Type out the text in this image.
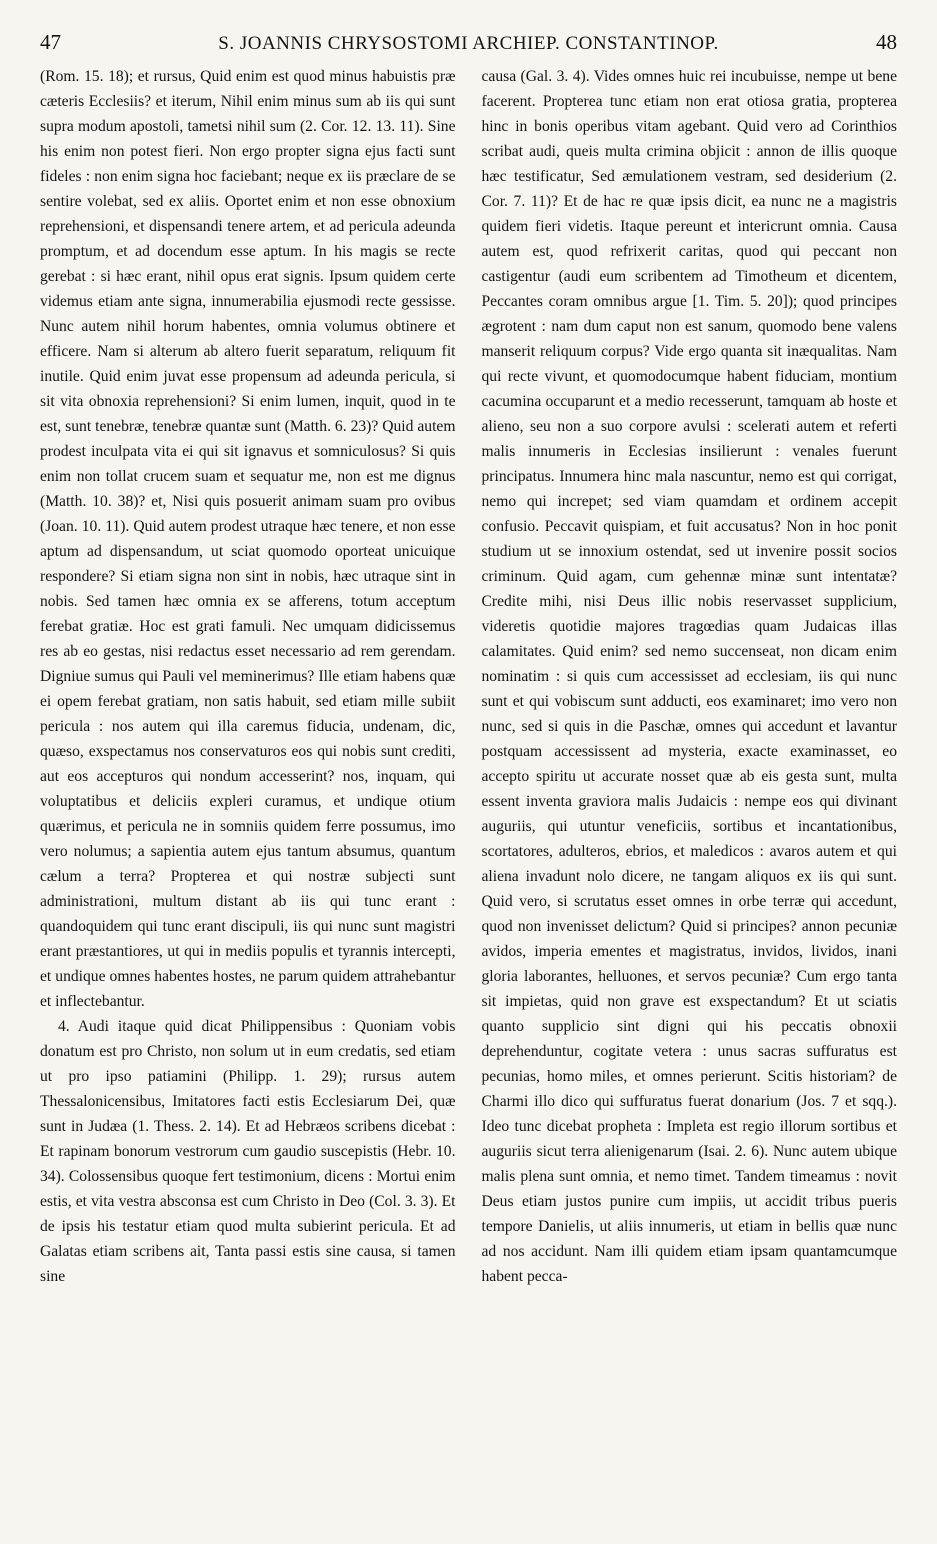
47	S. JOANNIS CHRYSOSTOMI ARCHIEP. CONSTANTINOP.	48

(Rom. 15. 18); et rursus, Quid enim est quod minus habuistis præ cæteris Ecclesiis? et iterum, Nihil enim minus sum ab iis qui sunt supra modum apostoli, tametsi nihil sum (2. Cor. 12. 13. 11). Sine his enim non potest fieri. Non ergo propter signa ejus facti sunt fideles : non enim signa hoc faciebant; neque ex iis præclare de se sentire volebat, sed ex aliis. Oportet enim et non esse obnoxium reprehensioni, et dispensandi tenere artem, et ad pericula adeunda promptum, et ad docendum esse aptum. In his magis se recte gerebat : si hæc erant, nihil opus erat signis. Ipsum quidem certe videmus etiam ante signa, innumerabilia ejusmodi recte gessisse. Nunc autem nihil horum habentes, omnia volumus obtinere et efficere. Nam si alterum ab altero fuerit separatum, reliquum fit inutile. Quid enim juvat esse propensum ad adeunda pericula, si sit vita obnoxia reprehensioni? Si enim lumen, inquit, quod in te est, sunt tenebræ, tenebræ quantæ sunt (Matth. 6. 23)? Quid autem prodest inculpata vita ei qui sit ignavus et somniculosus? Si quis enim non tollat crucem suam et sequatur me, non est me dignus (Matth. 10. 38)? et, Nisi quis posuerit animam suam pro ovibus (Joan. 10. 11). Quid autem prodest utraque hæc tenere, et non esse aptum ad dispensandum, ut sciat quomodo oporteat unicuique respondere? Si etiam signa non sint in nobis, hæc utraque sint in nobis. Sed tamen hæc omnia ex se afferens, totum acceptum ferebat gratiæ. Hoc est grati famuli. Nec umquam didicissemus res ab eo gestas, nisi redactus esset necessario ad rem gerendam. Digniue sumus qui Pauli vel meminerimus? Ille etiam habens quæ ei opem ferebat gratiam, non satis habuit, sed etiam mille subiit pericula : nos autem qui illa caremus fiducia, undenam, dic, quæso, exspectamus nos conservaturos eos qui nobis sunt crediti, aut eos accepturos qui nondum accesserint? nos, inquam, qui voluptatibus et deliciis expleri curamus, et undique otium quærimus, et pericula ne in somniis quidem ferre possumus, imo vero nolumus; a sapientia autem ejus tantum absumus, quantum cælum a terra? Propterea et qui nostræ subjecti sunt administrationi, multum distant ab iis qui tunc erant : quandoquidem qui tunc erant discipuli, iis qui nunc sunt magistri erant præstantiores, ut qui in mediis populis et tyrannis intercepti, et undique omnes habentes hostes, ne parum quidem attrahebantur et inflectebantur.

4. Audi itaque quid dicat Philippensibus : Quoniam vobis donatum est pro Christo, non solum ut in eum credatis, sed etiam ut pro ipso patiamini (Philipp. 1. 29); rursus autem Thessalonicensibus, Imitatores facti estis Ecclesiarum Dei, quæ sunt in Judæa (1. Thess. 2. 14). Et ad Hebræos scribens dicebat : Et rapinam bonorum vestrorum cum gaudio suscepistis (Hebr. 10. 34). Colossensibus quoque fert testimonium, dicens : Mortui enim estis, et vita vestra absconsa est cum Christo in Deo (Col. 3. 3). Et de ipsis his testatur etiam quod multa subierint pericula. Et ad Galatas etiam scribens ait, Tanta passi estis sine causa, si tamen sine

causa (Gal. 3. 4). Vides omnes huic rei incubuisse, nempe ut bene facerent. Propterea tunc etiam non erat otiosa gratia, propterea hinc in bonis operibus vitam agebant. Quid vero ad Corinthios scribat audi, queis multa crimina objicit : annon de illis quoque hæc testificatur, Sed æmulationem vestram, sed desiderium (2. Cor. 7. 11)? Et de hac re quæ ipsis dicit, ea nunc ne a magistris quidem fieri videtis. Itaque pereunt et intericrunt omnia. Causa autem est, quod refrixerit caritas, quod qui peccant non castigentur (audi eum scribentem ad Timotheum et dicentem, Peccantes coram omnibus argue [1. Tim. 5. 20]); quod principes ægrotent : nam dum caput non est sanum, quomodo bene valens manserit reliquum corpus? Vide ergo quanta sit inæqualitas. Nam qui recte vivunt, et quomodocumque habent fiduciam, montium cacumina occuparunt et a medio recesserunt, tamquam ab hoste et alieno, seu non a suo corpore avulsi : scelerati autem et referti malis innumeris in Ecclesias insilierunt : venales fuerunt principatus. Innumera hinc mala nascuntur, nemo est qui corrigat, nemo qui increpet; sed viam quamdam et ordinem accepit confusio. Peccavit quispiam, et fuit accusatus? Non in hoc ponit studium ut se innoxium ostendat, sed ut invenire possit socios criminum. Quid agam, cum gehennæ minæ sunt intentatæ? Credite mihi, nisi Deus illic nobis reservasset supplicium, videretis quotidie majores tragœdias quam Judaicas illas calamitates. Quid enim? sed nemo succenseat, non dicam enim nominatim : si quis cum accessisset ad ecclesiam, iis qui nunc sunt et qui vobiscum sunt adducti, eos examinaret; imo vero non nunc, sed si quis in die Paschæ, omnes qui accedunt et lavantur postquam accessissent ad mysteria, exacte examinasset, eo accepto spiritu ut accurate nosset quæ ab eis gesta sunt, multa essent inventa graviora malis Judaicis : nempe eos qui divinant auguriis, qui utuntur veneficiis, sortibus et incantationibus, scortatores, adulteros, ebrios, et maledicos : avaros autem et qui aliena invadunt nolo dicere, ne tangam aliquos ex iis qui sunt. Quid vero, si scrutatus esset omnes in orbe terræ qui accedunt, quod non invenisset delictum? Quid si principes? annon pecuniæ avidos, imperia ementes et magistratus, invidos, lividos, inani gloria laborantes, helluones, et servos pecuniæ? Cum ergo tanta sit impietas, quid non grave est exspectandum? Et ut sciatis quanto supplicio sint digni qui his peccatis obnoxii deprehenduntur, cogitate vetera : unus sacras suffuratus est pecunias, homo miles, et omnes perierunt. Scitis historiam? de Charmi illo dico qui suffuratus fuerat donarium (Jos. 7 et sqq.). Ideo tunc dicebat propheta : Impleta est regio illorum sortibus et auguriis sicut terra alienigenarum (Isai. 2. 6). Nunc autem ubique malis plena sunt omnia, et nemo timet. Tandem timeamus : novit Deus etiam justos punire cum impiis, ut accidit tribus pueris tempore Danielis, ut aliis innumeris, ut etiam in bellis quæ nunc ad nos accidunt. Nam illi quidem etiam ipsam quantamcumque habent pecca-
